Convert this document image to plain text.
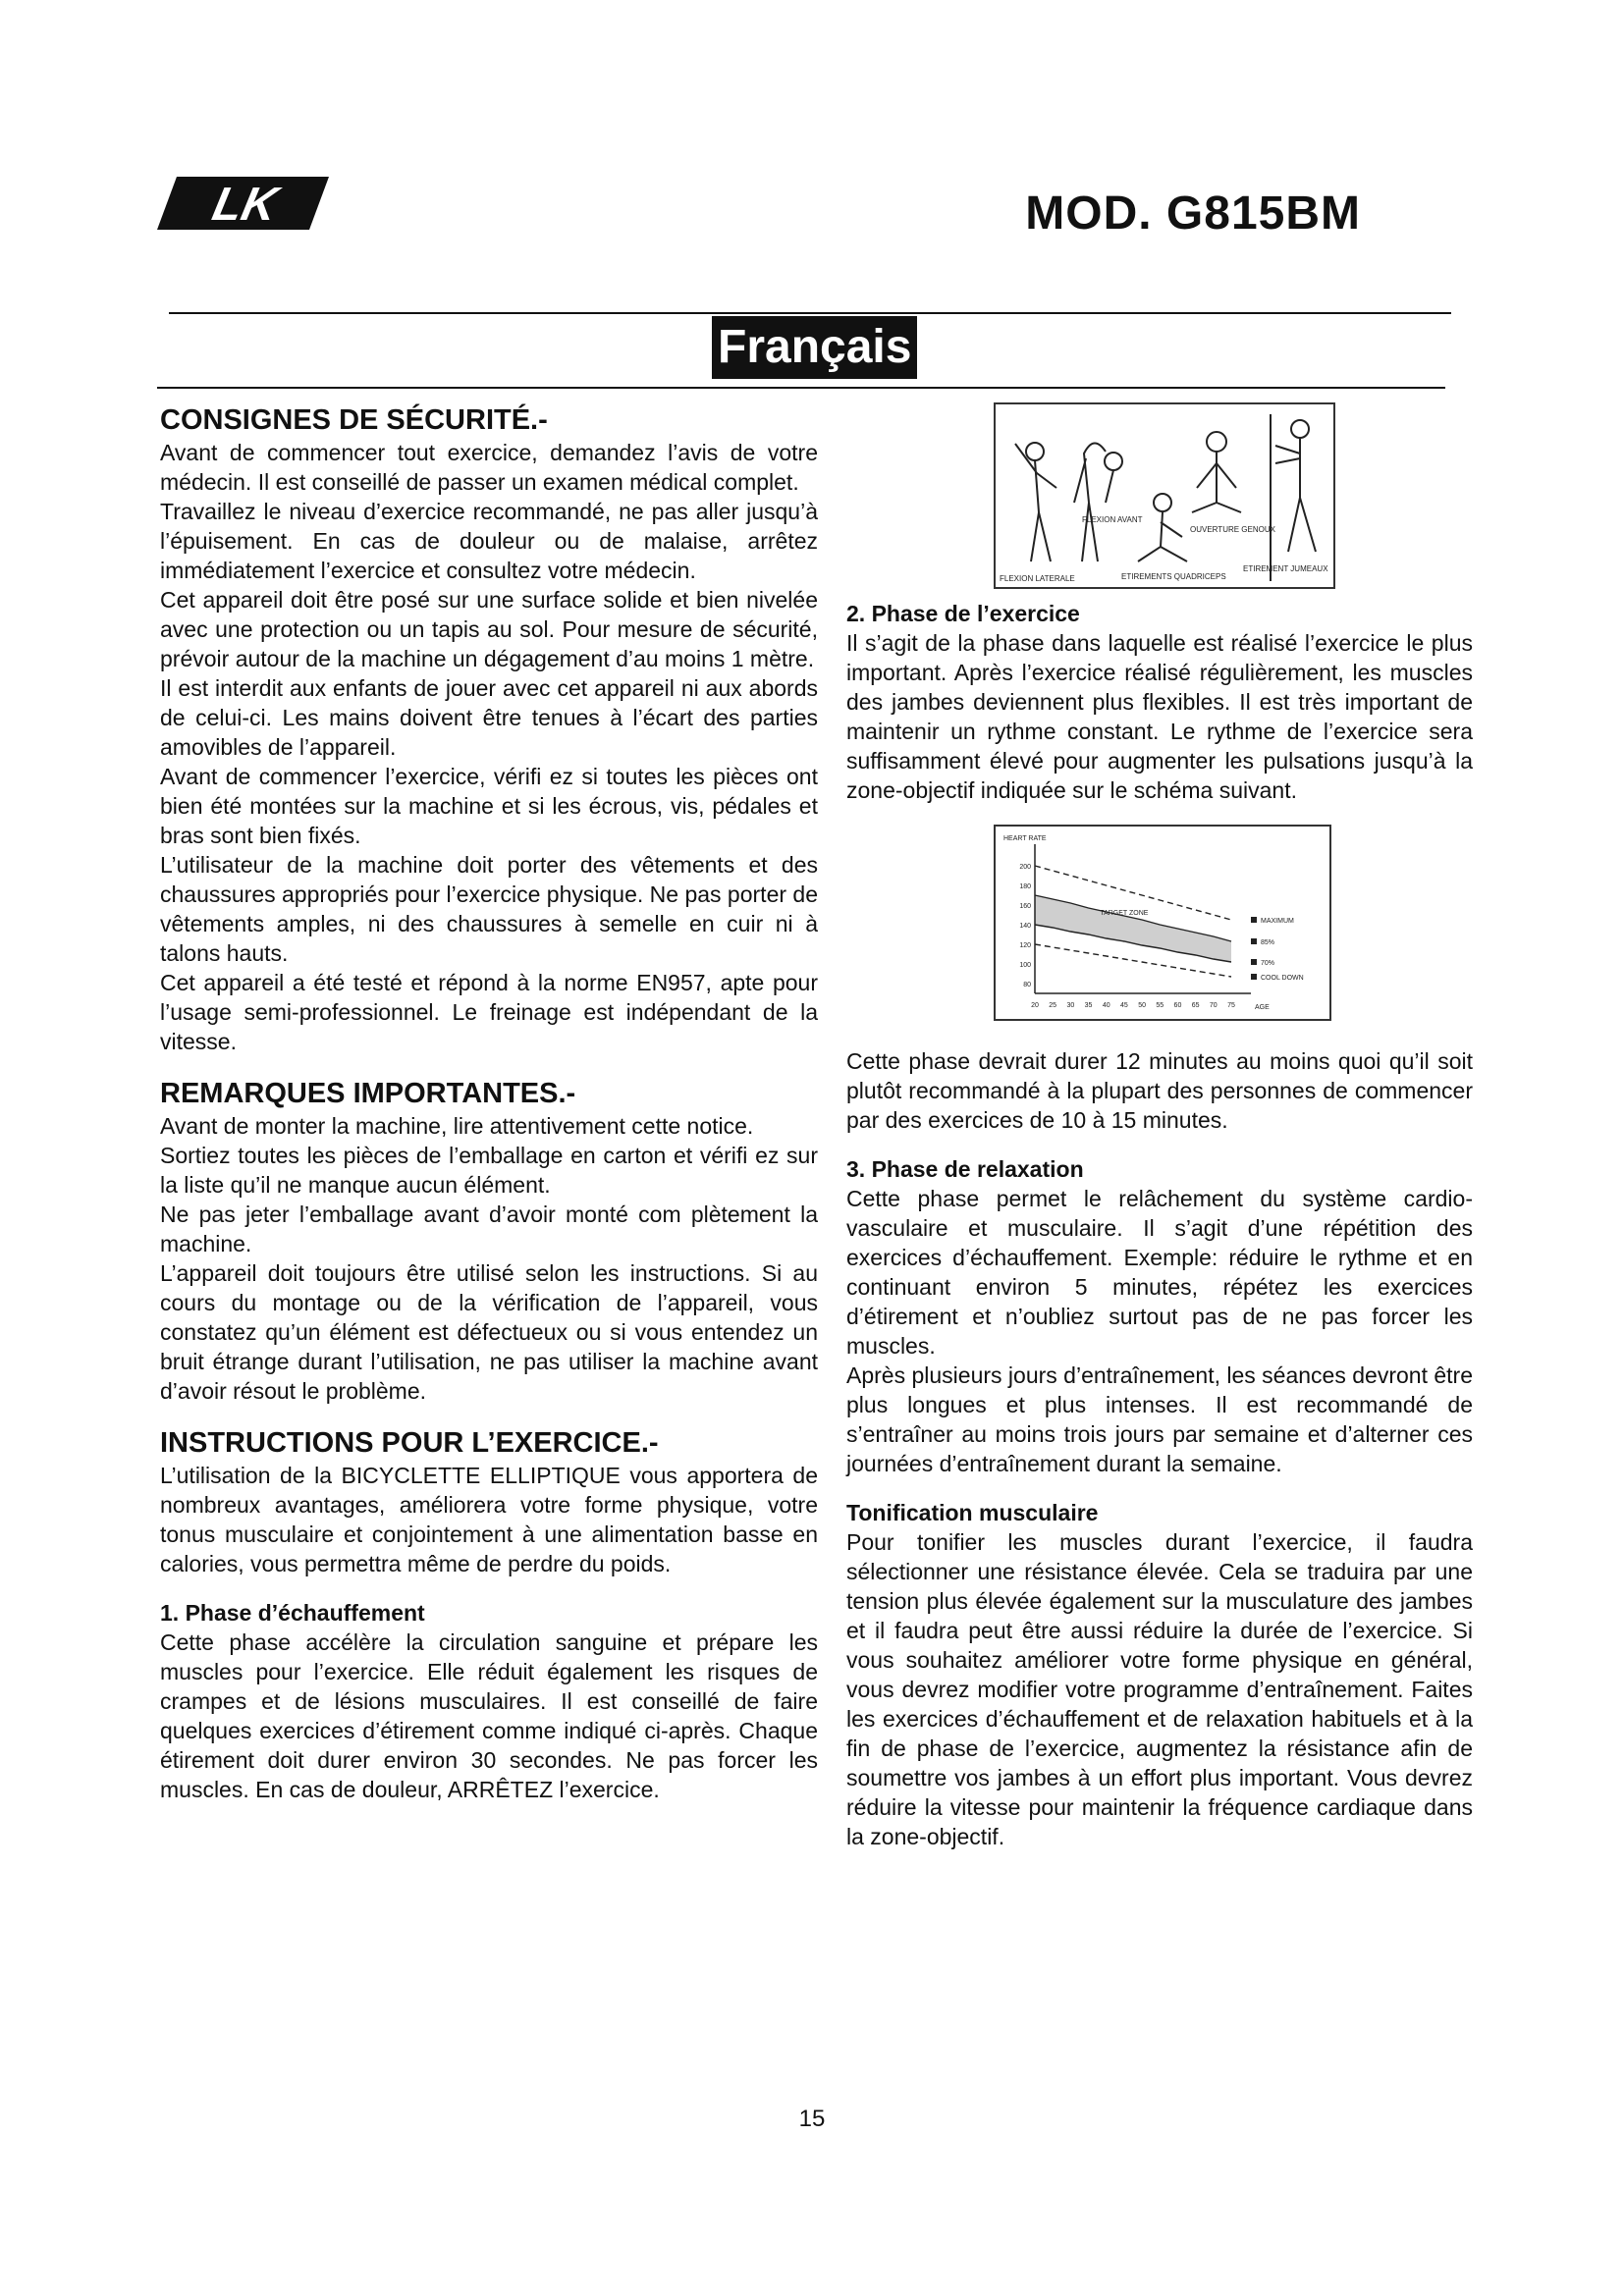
LK	MOD. G815BM
Français
CONSIGNES DE SÉCURITÉ.-

Avant de commencer tout exercice, demandez l’avis de votre médecin. Il est conseillé de passer un examen médical complet.

Travaillez le niveau d’exercice recommandé, ne pas aller jusqu’à l’épuisement. En cas de douleur ou de malaise, arrêtez immédiatement l’exercice et consultez votre médecin.

Cet appareil doit être posé sur une surface solide et bien nivelée avec une protection ou un tapis au sol. Pour mesure de sécurité, prévoir autour de la machine un dégagement d’au moins 1 mètre.

Il est interdit aux enfants de jouer avec cet appareil ni aux abords de celui-ci. Les mains doivent être tenues à l’écart des parties amovibles de l’appareil.

Avant de commencer l’exercice, vérifi ez si toutes les pièces ont bien été montées sur la machine et si les écrous, vis, pédales et bras sont bien fixés.

L’utilisateur de la machine doit porter des vêtements et des chaussures appropriés pour l’exercice physique. Ne pas porter de vêtements amples, ni des chaussures à semelle en cuir ni à talons hauts.

Cet appareil a été testé et répond à la norme EN957, apte pour l’usage semi-professionnel. Le freinage est indépendant de la vitesse.

REMARQUES IMPORTANTES.-

Avant de monter la machine, lire attentivement cette notice.

Sortiez toutes les pièces de l’emballage en carton et vérifi ez sur la liste qu’il ne manque aucun élément.

Ne pas jeter l’emballage avant d’avoir monté com plètement la machine.

L’appareil doit toujours être utilisé selon les instructions. Si au cours du montage ou de la vérification de l’appareil, vous constatez qu’un élément est défectueux ou si vous entendez un bruit étrange durant l’utilisation, ne pas utiliser la machine avant d’avoir résout le problème.

INSTRUCTIONS POUR L’EXERCICE.-

L’utilisation de la BICYCLETTE ELLIPTIQUE vous apportera de nombreux avantages, améliorera votre forme physique, votre tonus musculaire et conjointement à une alimentation basse en calories, vous permettra même de perdre du poids.

1. Phase d’échauffement

Cette phase accélère la circulation sanguine et prépare les muscles pour l’exercice. Elle réduit également les risques de crampes et de lésions musculaires. Il est conseillé de faire quelques exercices d’étirement comme indiqué ci-après. Chaque étirement doit durer environ 30 secondes. Ne pas forcer les muscles. En cas de douleur, ARRÊTEZ l’exercice.

FLEXION LATERALE
FLEXION AVANT
ETIREMENTS QUADRICEPS
OUVERTURE GENOUX
ETIREMENT JUMEAUX
2. Phase de l’exercice

Il s’agit de la phase dans laquelle est réalisé l’exercice le plus important. Après l’exercice réalisé régulièrement, les muscles des jambes deviennent plus flexibles. Il est très important de maintenir un rythme constant. Le rythme de l’exercice sera suffisamment élevé pour augmenter les pulsations jusqu’à la zone-objectif indiquée sur le schéma suivant.

HEART RATE
AGE
200
180
160
140
120
100
80
20 25 30 35 40 45 50 55 60 65 70 75
MAXIMUM
85%
70%
COOL DOWN
TARGET ZONE

Cette phase devrait durer 12 minutes au moins quoi qu’il soit plutôt recommandé à la plupart des personnes de commencer par des exercices de 10 à 15 minutes.

3. Phase de relaxation

Cette phase permet le relâchement du système cardio-vasculaire et musculaire. Il s’agit d’une répétition des exercices d’échauffement. Exemple: réduire le rythme et en continuant environ 5 minutes, répétez les exercices d’étirement et n’oubliez surtout pas de ne pas forcer les muscles.

Après plusieurs jours d’entraînement, les séances devront être plus longues et plus intenses. Il est recommandé de s’entraîner au moins trois jours par semaine et d’alterner ces journées d’entraînement durant la semaine.

Tonification musculaire

Pour tonifier les muscles durant l’exercice, il faudra sélectionner une résistance élevée. Cela se traduira par une tension plus élevée également sur la musculature des jambes et il faudra peut être aussi réduire la durée de l’exercice. Si vous souhaitez améliorer votre forme physique en général, vous devrez modifier votre programme d’entraînement. Faites les exercices d’échauffement et de relaxation habituels et à la fin de phase de l’exercice, augmentez la résistance afin de soumettre vos jambes à un effort plus important. Vous devrez réduire la vitesse pour maintenir la fréquence cardiaque dans la zone-objectif.

15
